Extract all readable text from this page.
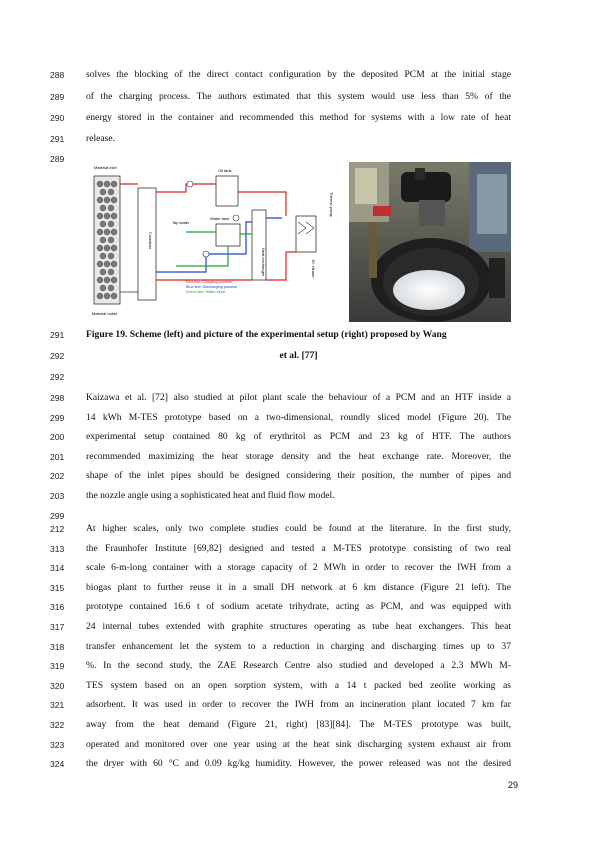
288	solves the blocking of the direct contact configuration by the deposited PCM at the initial stage
289	of the charging process. The authors estimated that this system would use less than 5% of the
290	energy stored in the container and recommended this method for systems with a low rate of heat
291	release.
289
Material inlet
Material outlet
Container
Oil tank
Water tank
Tap water
Heat exchanger
Thermo pump
El. Heater
Red line: Charging process
Blue line: Discharging process
Green line: Water circle
291	Figure 19. Scheme (left) and picture of the experimental setup (right) proposed by Wang
292	et al. [77]
292
298	Kaizawa et al. [72] also studied at pilot plant scale the behaviour of a PCM and an HTF inside a
299	14 kWh M-TES prototype based on a two-dimensional, roundly sliced model (Figure 20). The
200	experimental setup contained 80 kg of erythritol as PCM and 23 kg of HTF. The authors
201	recommended maximizing the heat storage density and the heat exchange rate. Moreover, the
202	shape of the inlet pipes should be designed considering their position, the number of pipes and
203	the nozzle angle using a sophisticated heat and fluid flow model.
299
212	At higher scales, only two complete studies could be found at the literature. In the first study,
313	the Fraunhofer Institute [69,82] designed and tested a M-TES prototype consisting of two real
314	scale 6-m-long container with a storage capacity of 2 MWh in order to recover the IWH from a
315	biogas plant to further reuse it in a small DH network at 6 km distance (Figure 21 left). The
316	prototype contained 16.6 t of sodium acetate trihydrate, acting as PCM, and was equipped with
317	24 internal tubes extended with graphite structures operating as tube heat exchangers. This heat
318	transfer enhancement let the system to a reduction in charging and discharging times up to 37
319	%. In the second study, the ZAE Research Centre also studied and developed a 2.3 MWh M-
320	TES system based on an open sorption system, with a 14 t packed bed zeolite working as
321	adsorbent. It was used in order to recover the IWH from an incineration plant located 7 km far
322	away from the heat demand (Figure 21, right) [83][84]. The M-TES prototype was built,
323	operated and monitored over one year using at the heat sink discharging system exhaust air from
324	the dryer with 60 °C and 0.09 kg/kg humidity. However, the power released was not the desired
29
